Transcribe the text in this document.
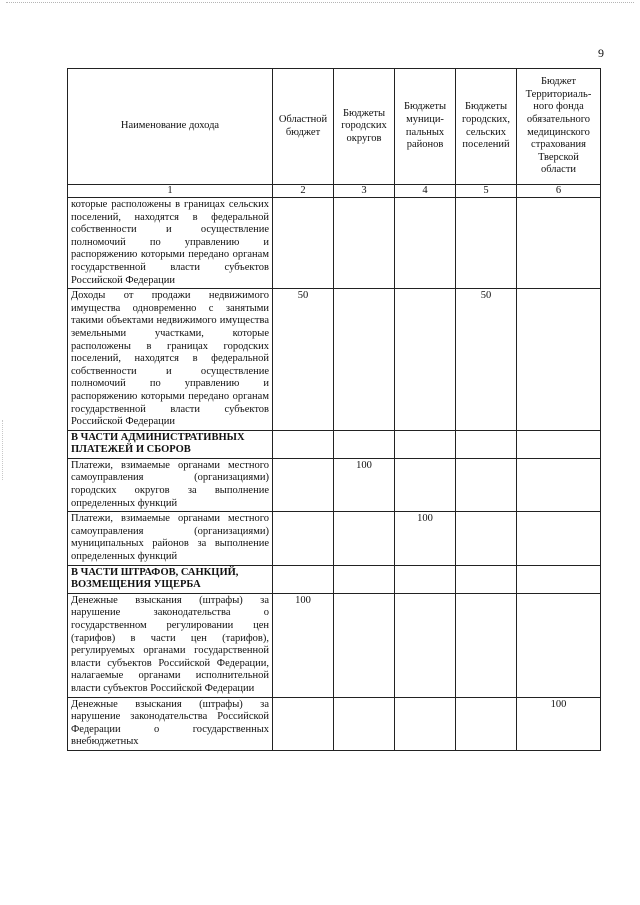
9
Наименование дохода	Областной бюджет	Бюджеты городских округов	Бюджеты муници-пальных районов	Бюджеты городских, сельских поселений	Бюджет Территориаль-ного фонда обязательного медицинского страхования Тверской области
1	2	3	4	5	6
которые расположены в границах сельских поселений, находятся в федеральной собственности и осуществление полномочий по управлению и распоряжению которыми передано органам государственной власти субъектов Российской Федерации					
Доходы от продажи недвижимого имущества одновременно с занятыми такими объектами недвижимого имущества земельными участками, которые расположены в границах городских поселений, находятся в федеральной собственности и осуществление полномочий по управлению и распоряжению которыми передано органам государственной власти субъектов Российской Федерации	50			50	
В ЧАСТИ АДМИНИСТРАТИВНЫХ ПЛАТЕЖЕЙ И СБОРОВ					
Платежи, взимаемые органами местного самоуправления (организациями) городских округов за выполнение определенных функций		100			
Платежи, взимаемые органами местного самоуправления (организациями) муниципальных районов за выполнение определенных функций			100		
В ЧАСТИ ШТРАФОВ, САНКЦИЙ, ВОЗМЕЩЕНИЯ УЩЕРБА					
Денежные взыскания (штрафы) за нарушение законодательства о государственном регулировании цен (тарифов) в части цен (тарифов), регулируемых органами государственной власти субъектов Российской Федерации, налагаемые органами исполнительной власти субъектов Российской Федерации	100				
Денежные взыскания (штрафы) за нарушение законодательства Российской Федерации о государственных внебюджетных					100
